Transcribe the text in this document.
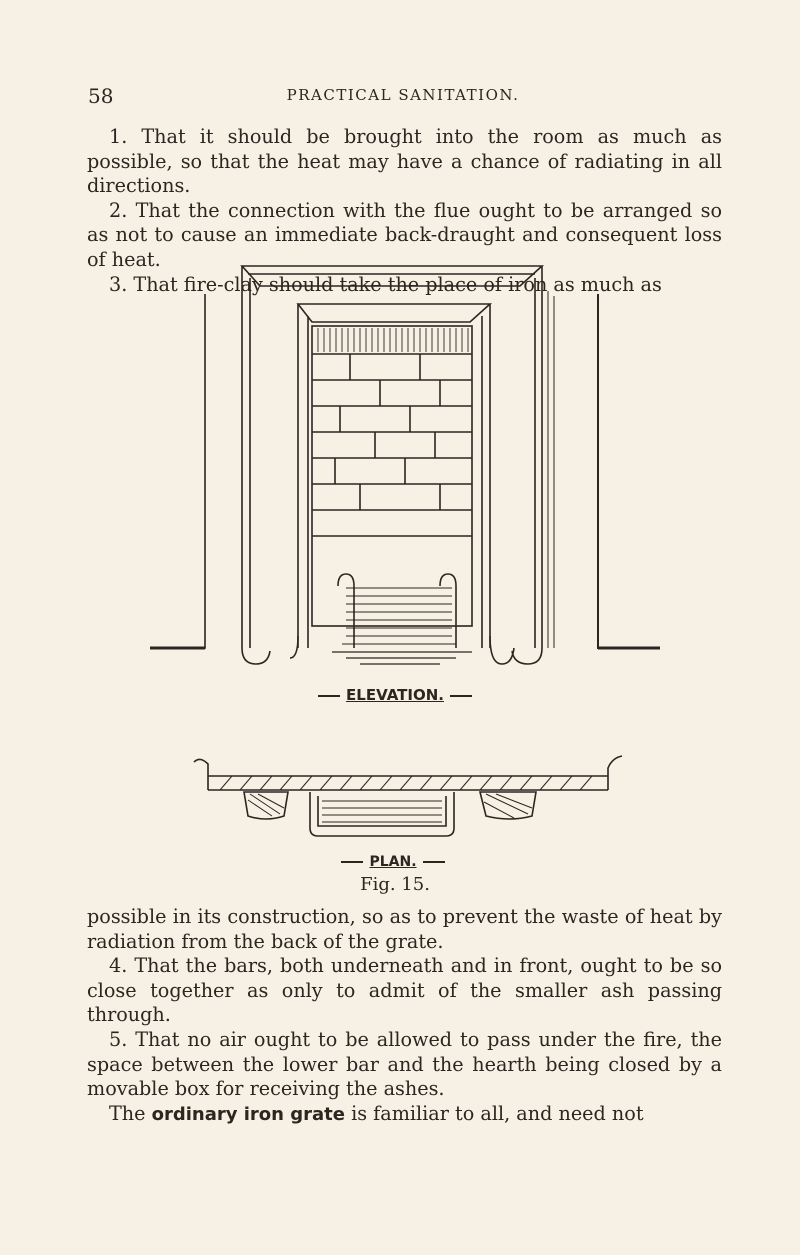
58	PRACTICAL SANITATION.

1. That it should be brought into the room as much as possible, so that the heat may have a chance of radiating in all directions.

2. That the connection with the flue ought to be arranged so as not to cause an immediate back-draught and consequent loss of heat.

3. That fire-clay should take the place of iron as much as

ELEVATION.
PLAN.
Fig. 15.

possible in its construction, so as to prevent the waste of heat by radiation from the back of the grate.

4. That the bars, both underneath and in front, ought to be so close together as only to admit of the smaller ash passing through.

5. That no air ought to be allowed to pass under the fire, the space between the lower bar and the hearth being closed by a movable box for receiving the ashes.

The ordinary iron grate is familiar to all, and need not
